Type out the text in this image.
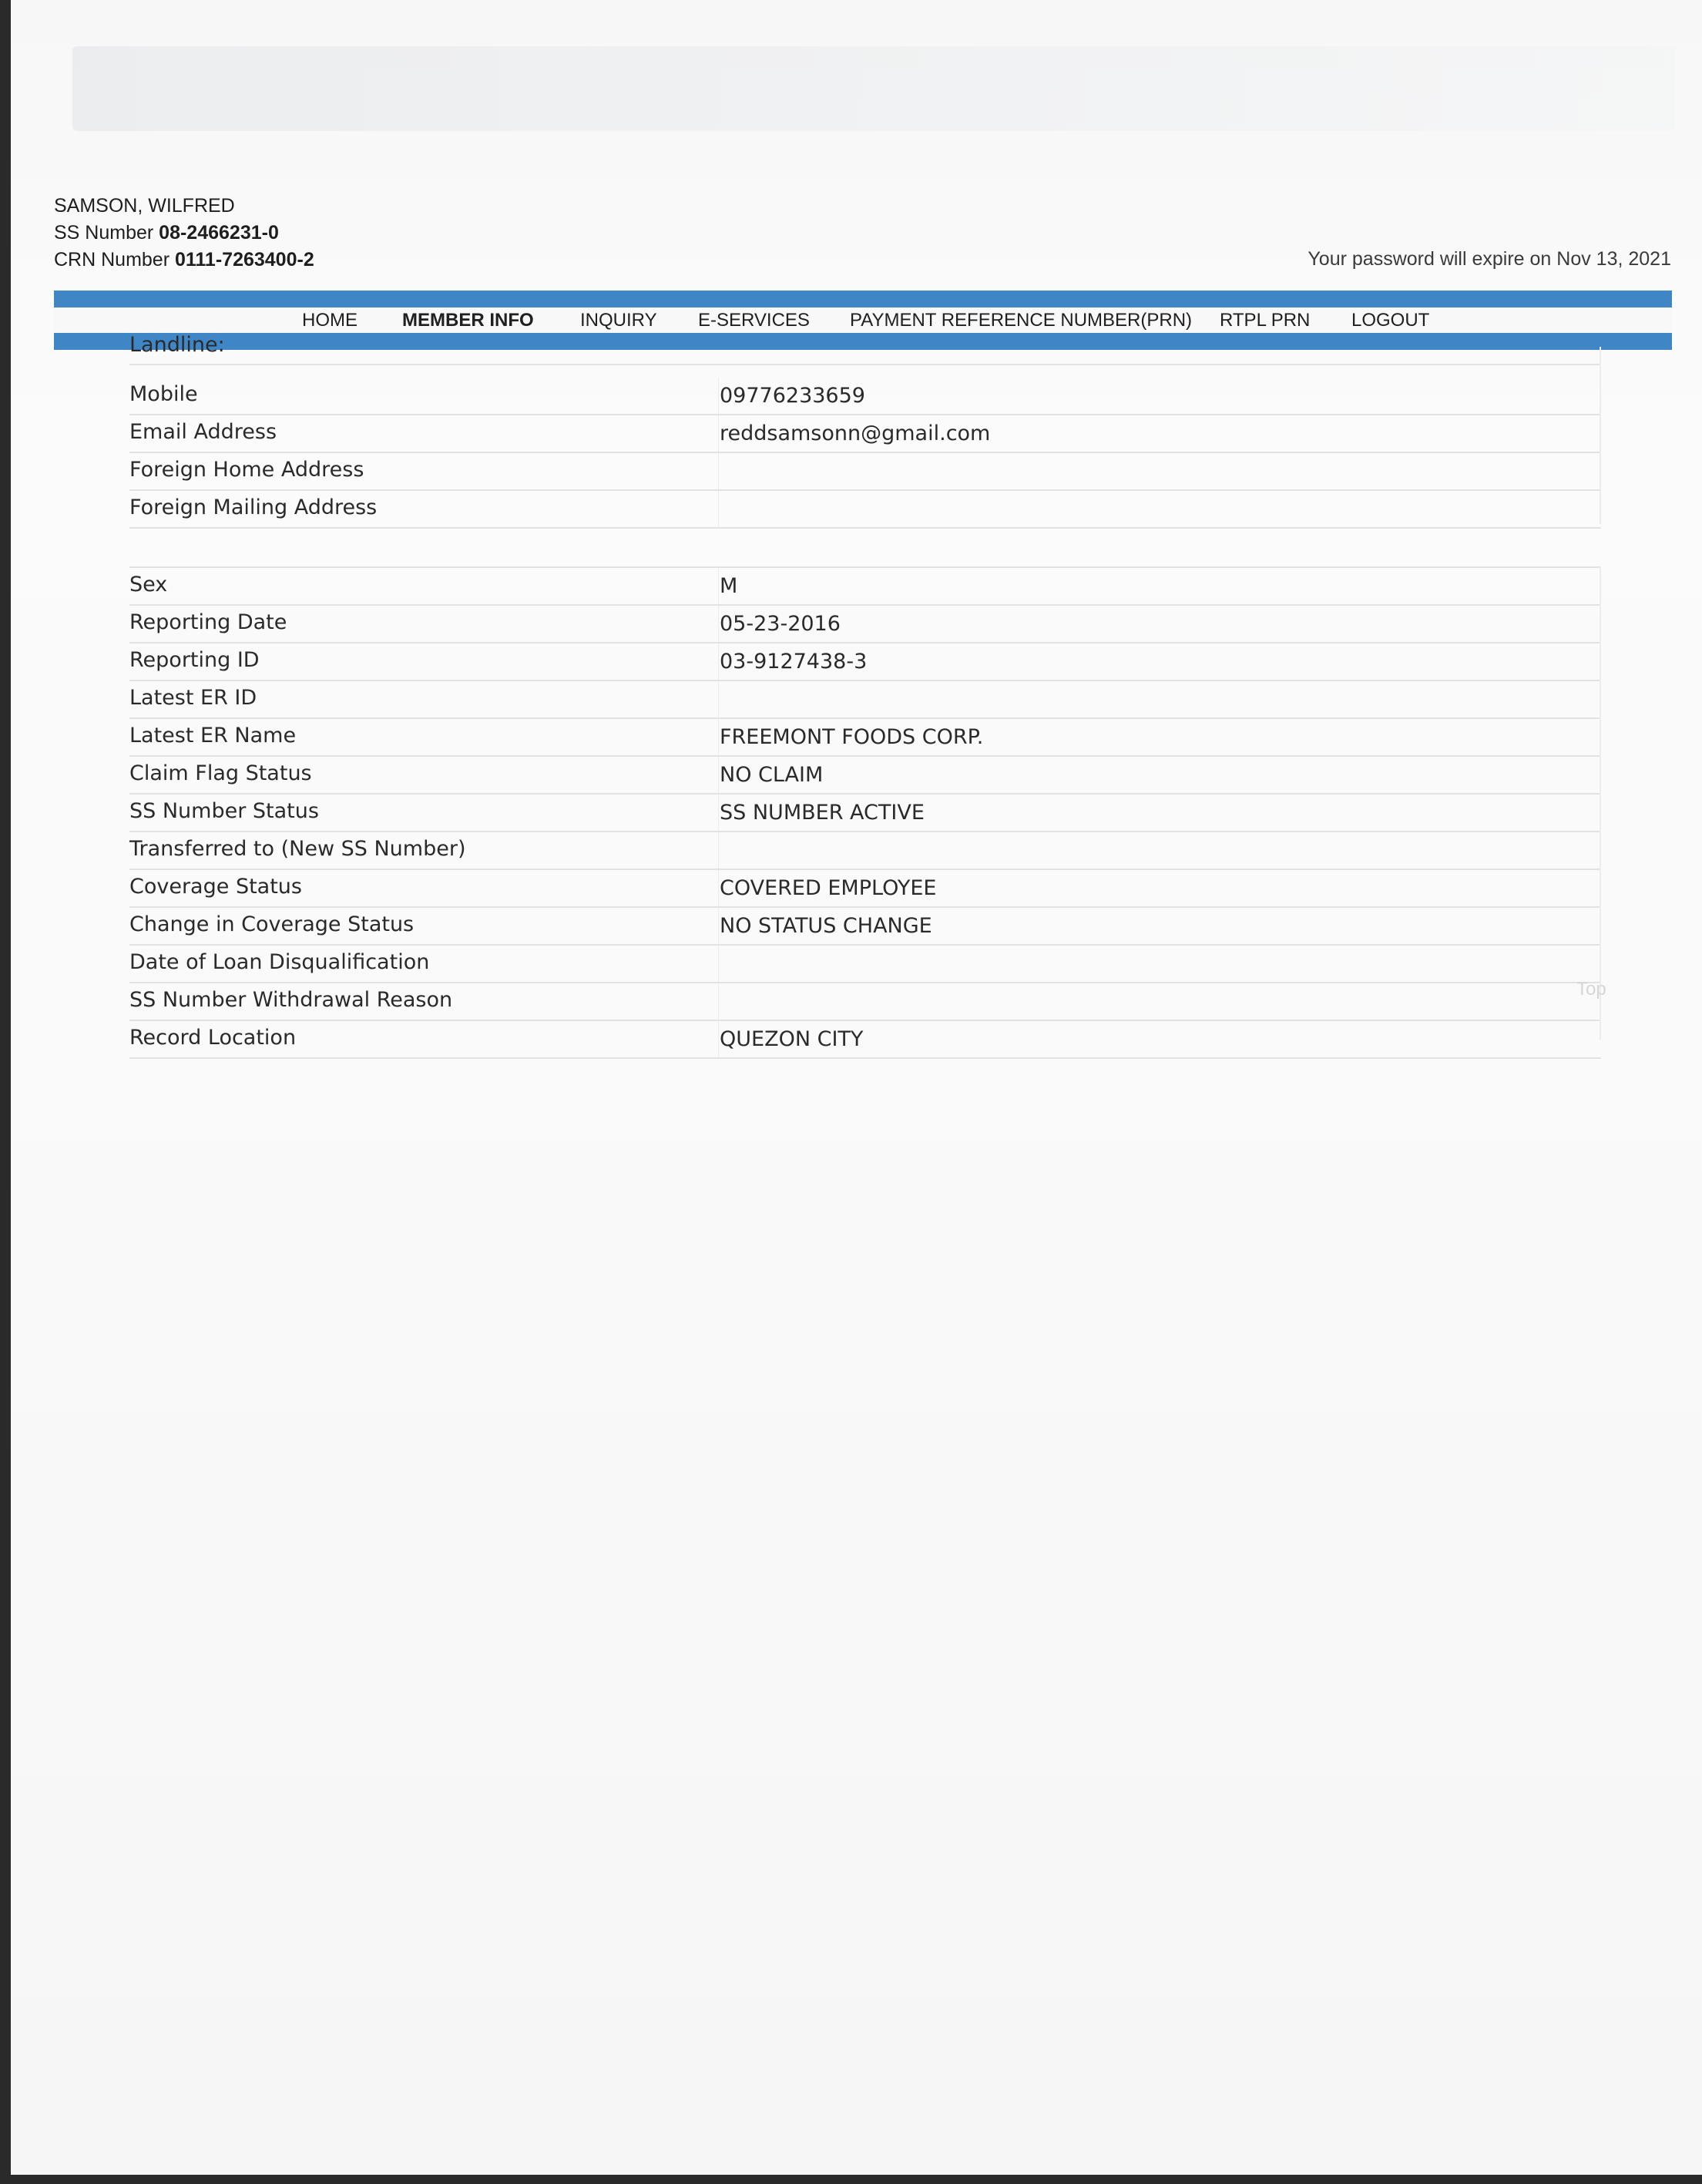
SAMSON, WILFRED
SS Number 08-2466231-0
CRN Number 0111-7263400-2	Your password will expire on Nov 13, 2021
HOME MEMBER INFO	INQUIRY E-SERVICES PAYMENT REFERENCE NUMBER(PRN) RTPL PRN LOGOUT
Landline:
Mobile	09776233659
Email Address	reddsamsonn@gmail.com
Foreign Home Address
Foreign Mailing Address
Sex	M
Reporting Date	05-23-2016
Reporting ID	03-9127438-3
Latest ER ID
Latest ER Name	FREEMONT FOODS CORP.
Claim Flag Status	NO CLAIM
SS Number Status	SS NUMBER ACTIVE
Transferred to (New SS Number)
Coverage Status	COVERED EMPLOYEE
Change in Coverage Status	NO STATUS CHANGE
Date of Loan Disqualification
SS Number Withdrawal Reason
Record Location	QUEZON CITY
Top
